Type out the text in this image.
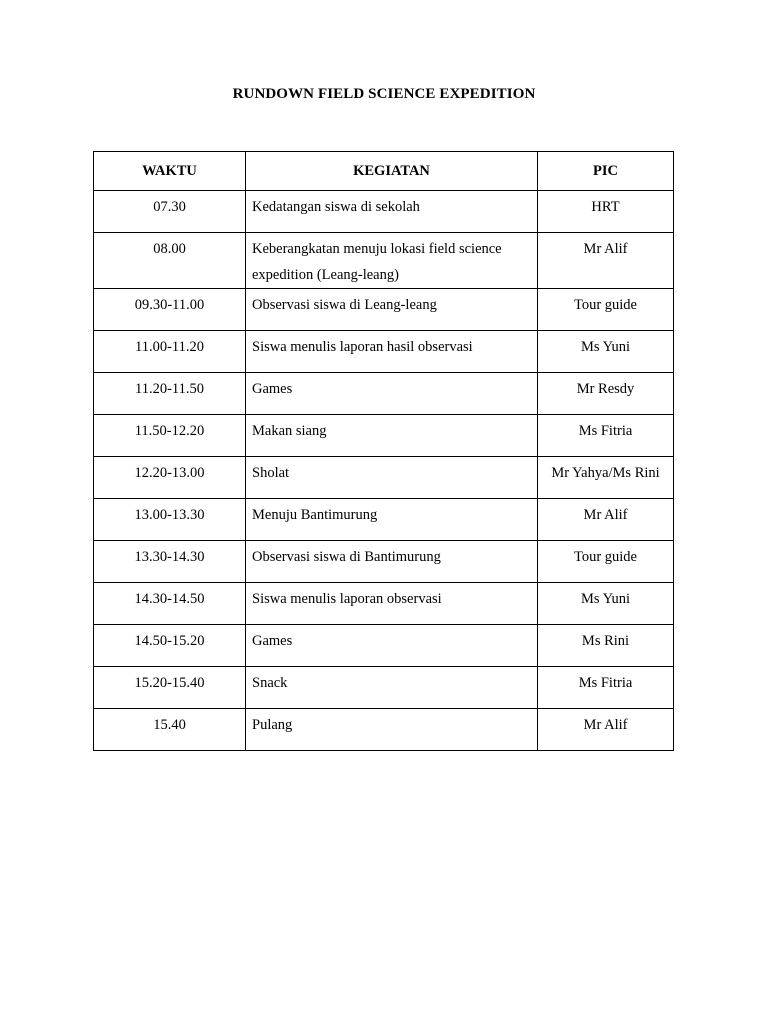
RUNDOWN FIELD SCIENCE EXPEDITION
WAKTU	KEGIATAN	PIC
07.30	Kedatangan siswa di sekolah	HRT
08.00	Keberangkatan menuju lokasi field science expedition (Leang-leang)	Mr Alif
09.30-11.00	Observasi siswa di Leang-leang	Tour guide
11.00-11.20	Siswa menulis laporan hasil observasi	Ms Yuni
11.20-11.50	Games	Mr Resdy
11.50-12.20	Makan siang	Ms Fitria
12.20-13.00	Sholat	Mr Yahya/Ms Rini
13.00-13.30	Menuju Bantimurung	Mr Alif
13.30-14.30	Observasi siswa di Bantimurung	Tour guide
14.30-14.50	Siswa menulis laporan observasi	Ms Yuni
14.50-15.20	Games	Ms Rini
15.20-15.40	Snack	Ms Fitria
15.40	Pulang	Mr Alif
